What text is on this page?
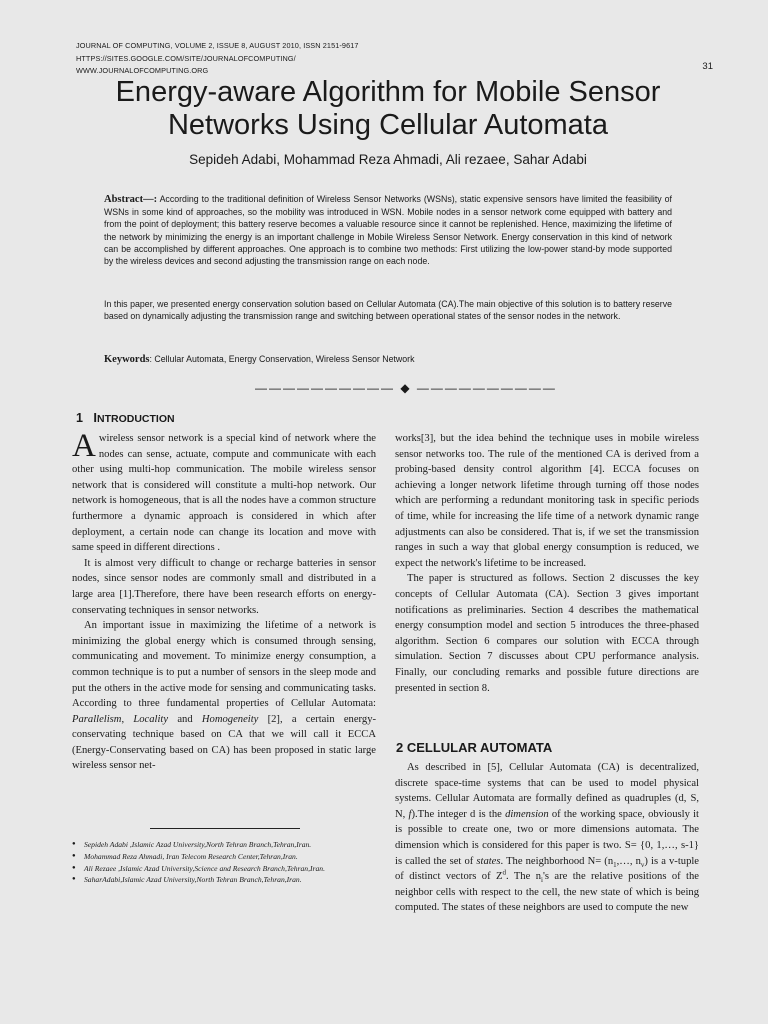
JOURNAL OF COMPUTING, VOLUME 2, ISSUE 8, AUGUST 2010, ISSN 2151-9617
HTTPS://SITES.GOOGLE.COM/SITE/JOURNALOFCOMPUTING/
WWW.JOURNALOFCOMPUTING.ORG	31
Energy-aware Algorithm for Mobile Sensor
Networks Using Cellular Automata
Sepideh Adabi, Mohammad Reza Ahmadi, Ali rezaee, Sahar Adabi

Abstract—: According to the traditional definition of Wireless Sensor Networks (WSNs), static expensive sensors have limited the feasibility of WSNs in some kind of approaches, so the mobility was introduced in WSN. Mobile nodes in a sensor network come equipped with battery and from the point of deployment; this battery reserve becomes a valuable resource since it cannot be replenished. Hence, maximizing the lifetime of the network by minimizing the energy is an important challenge in Mobile Wireless Sensor Network. Energy conservation in this kind of network can be accomplished by different approaches. One approach is to combine two methods: First utilizing the low-power stand-by mode supported by the wireless devices and second adjusting the transmission range on each node.

In this paper, we presented energy conservation solution based on Cellular Automata (CA).The main objective of this solution is to battery reserve based on dynamically adjusting the transmission range and switching between operational states of the sensor nodes in the network.

Keywords: Cellular Automata, Energy Conservation, Wireless Sensor Network

—————————— ◆ ——————————
1 INTRODUCTION

Awireless sensor network is a special kind of network where the nodes can sense, actuate, compute and communicate with each other using multi-hop communication. The mobile wireless sensor network that is considered will constitute a multi-hop network. Our network is homogeneous, that is all the nodes have a common structure furthermore a dynamic approach is considered in which after deployment, a certain node can change its location and move with same speed in different directions .

It is almost very difficult to change or recharge batteries in sensor nodes, since sensor nodes are commonly small and distributed in a large area [1].Therefore, there have been research efforts on energy- conservating techniques in sensor networks.

An important issue in maximizing the lifetime of a network is minimizing the global energy which is consumed through sensing, communicating and movement. To minimize energy consumption, a common technique is to put a number of sensors in the sleep mode and put the others in the active mode for sensing and communicating tasks. According to three fundamental properties of Cellular Automata: Parallelism, Locality and Homogeneity [2], a certain energy-conservating technique based on CA that we will call it ECCA (Energy-Conservating based on CA) has been proposed in static large wireless sensor net-

● Sepideh Adabi ,Islamic Azad University,North Tehran Branch,Tehran,Iran.
● Mohammad Reza Ahmadi, Iran Telecom Research Center,Tehran,Iran.
● Ali Rezaee ,Islamic Azad University,Science and Research Branch,Tehran,Iran.
● SaharAdabi,Islamic Azad University,North Tehran Branch,Tehran,Iran.

works[3], but the idea behind the technique uses in mobile wireless sensor networks too. The rule of the mentioned CA is derived from a probing-based density control algorithm [4]. ECCA focuses on achieving a longer network lifetime through turning off those nodes which are performing a redundant monitoring task in specific periods of time, while for increasing the life time of a network dynamic range adjustments can also be considered. That is, if we set the transmission ranges in such a way that global energy consumption is reduced, we expect the network's lifetime to be increased.

The paper is structured as follows. Section 2 discusses the key concepts of Cellular Automata (CA). Section 3 gives important notifications as preliminaries. Section 4 describes the mathematical energy consumption model and section 5 introduces the three-phased algorithm. Section 6 compares our solution with ECCA through simulation. Section 7 discusses about CPU performance analysis. Finally, our concluding remarks and possible future directions are presented in section 8.

2 CELLULAR AUTOMATA

As described in [5], Cellular Automata (CA) is decentralized, discrete space-time systems that can be used to model physical systems. Cellular Automata are formally defined as quadruples (d, S, N, f).The integer d is the dimension of the working space, obviously it is possible to create one, two or more dimensions automata. The dimension which is considered for this paper is two. S= {0, 1,…, s-1} is called the set of states. The neighborhood $N= (n_1,\dots$, $n_v$) is a v-tuple of distinct vectors of $Z^d$. The $n_i's$ are the relative positions of the neighbor cells with respect to the cell, the new state of which is being computed. The states of these neighbors are used to compute the new
